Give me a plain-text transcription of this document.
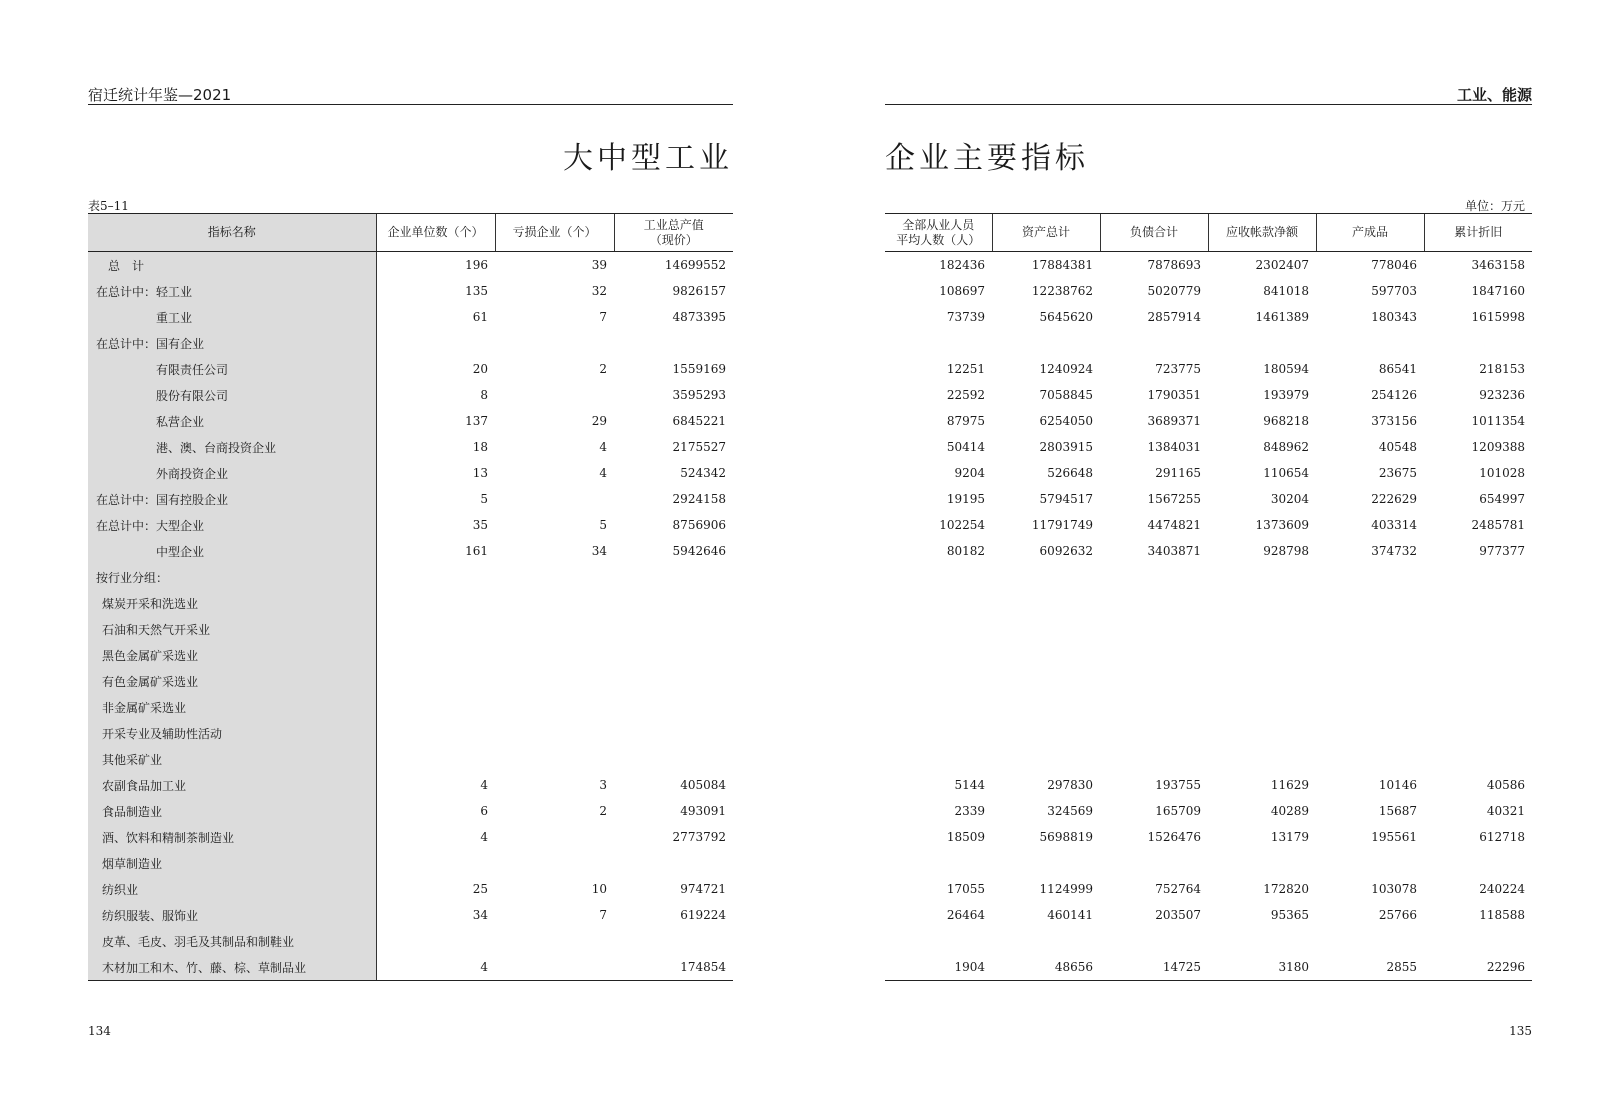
宿迁统计年鉴—2021
大中型工业
表5–11
指标名称	企业单位数（个）	亏损企业（个）	工业总产值
（现价）
总　计	196	39	14699552
在总计中：轻工业	135	32	9826157
重工业	61	7	4873395
在总计中：国有企业			
有限责任公司	20	2	1559169
股份有限公司	8		3595293
私营企业	137	29	6845221
港、澳、台商投资企业	18	4	2175527
外商投资企业	13	4	524342
在总计中：国有控股企业	5		2924158
在总计中：大型企业	35	5	8756906
中型企业	161	34	5942646
按行业分组：			
煤炭开采和洗选业			
石油和天然气开采业			
黑色金属矿采选业			
有色金属矿采选业			
非金属矿采选业			
开采专业及辅助性活动			
其他采矿业			
农副食品加工业	4	3	405084
食品制造业	6	2	493091
酒、饮料和精制茶制造业	4		2773792
烟草制造业			
纺织业	25	10	974721
纺织服装、服饰业	34	7	619224
皮革、毛皮、羽毛及其制品和制鞋业			
木材加工和木、竹、藤、棕、草制品业	4		174854
134
工业、能源
企业主要指标
单位：万元
全部从业人员
平均人数（人）	资产总计	负债合计	应收帐款净额	产成品	累计折旧
182436	17884381	7878693	2302407	778046	3463158
108697	12238762	5020779	841018	597703	1847160
73739	5645620	2857914	1461389	180343	1615998

12251	1240924	723775	180594	86541	218153
22592	7058845	1790351	193979	254126	923236
87975	6254050	3689371	968218	373156	1011354
50414	2803915	1384031	848962	40548	1209388
9204	526648	291165	110654	23675	101028
19195	5794517	1567255	30204	222629	654997
102254	11791749	4474821	1373609	403314	2485781
80182	6092632	3403871	928798	374732	977377

5144	297830	193755	11629	10146	40586
2339	324569	165709	40289	15687	40321
18509	5698819	1526476	13179	195561	612718

17055	1124999	752764	172820	103078	240224
26464	460141	203507	95365	25766	118588

1904	48656	14725	3180	2855	22296
135
